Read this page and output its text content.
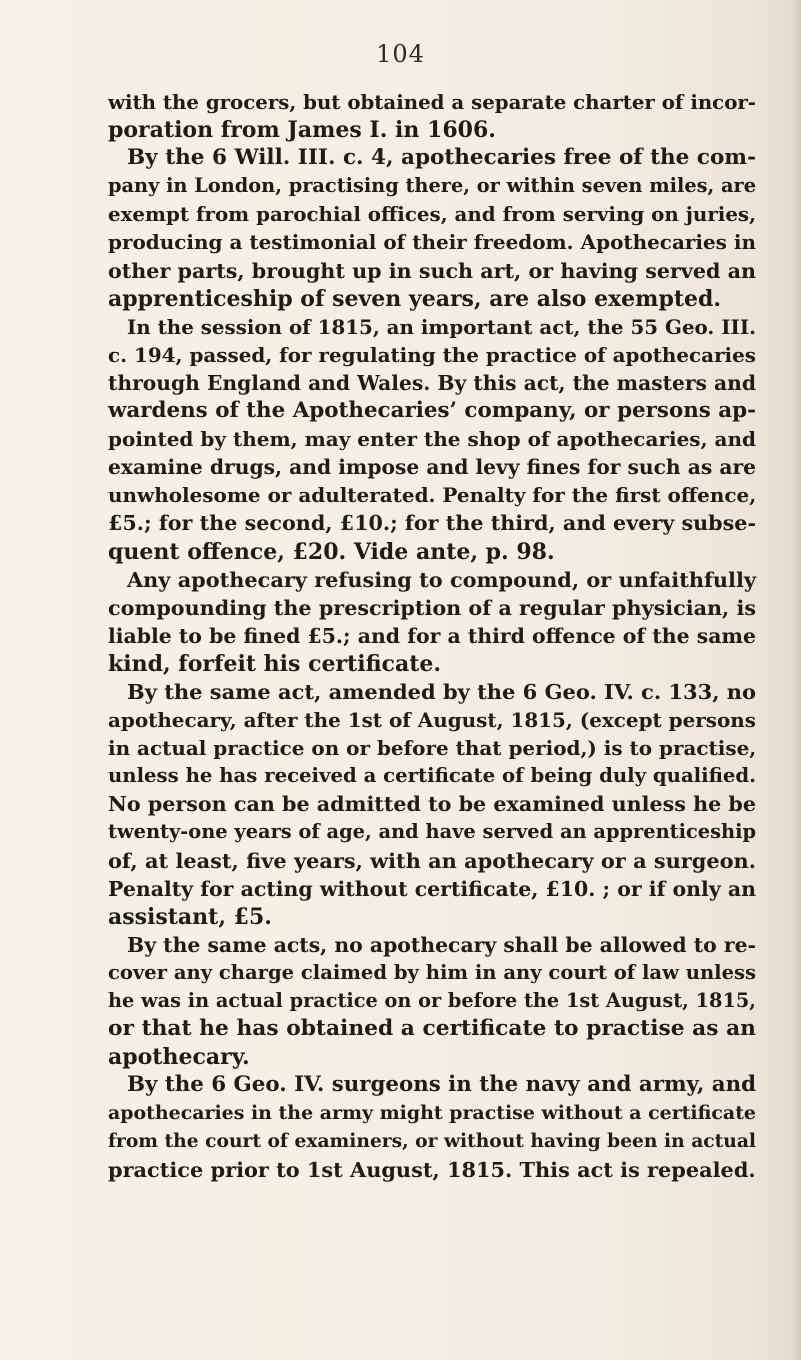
104
with the grocers, but obtained a separate charter of incor-
poration from James I. in 1606.
By the 6 Will. III. c. 4, apothecaries free of the com-
pany in London, practising there, or within seven miles, are
exempt from parochial offices, and from serving on juries,
producing a testimonial of their freedom. Apothecaries in
other parts, brought up in such art, or having served an
apprenticeship of seven years, are also exempted.
In the session of 1815, an important act, the 55 Geo. III.
c. 194, passed, for regulating the practice of apothecaries
through England and Wales. By this act, the masters and
wardens of the Apothecaries’ company, or persons ap-
pointed by them, may enter the shop of apothecaries, and
examine drugs, and impose and levy fines for such as are
unwholesome or adulterated. Penalty for the first offence,
£5.; for the second, £10.; for the third, and every subse-
quent offence, £20. Vide ante, p. 98.
Any apothecary refusing to compound, or unfaithfully
compounding the prescription of a regular physician, is
liable to be fined £5.; and for a third offence of the same
kind, forfeit his certificate.
By the same act, amended by the 6 Geo. IV. c. 133, no
apothecary, after the 1st of August, 1815, (except persons
in actual practice on or before that period,) is to practise,
unless he has received a certificate of being duly qualified.
No person can be admitted to be examined unless he be
twenty-one years of age, and have served an apprenticeship
of, at least, five years, with an apothecary or a surgeon.
Penalty for acting without certificate, £10. ; or if only an
assistant, £5.
By the same acts, no apothecary shall be allowed to re-
cover any charge claimed by him in any court of law unless
he was in actual practice on or before the 1st August, 1815,
or that he has obtained a certificate to practise as an
apothecary.
By the 6 Geo. IV. surgeons in the navy and army, and
apothecaries in the army might practise without a certificate
from the court of examiners, or without having been in actual
practice prior to 1st August, 1815. This act is repealed.
